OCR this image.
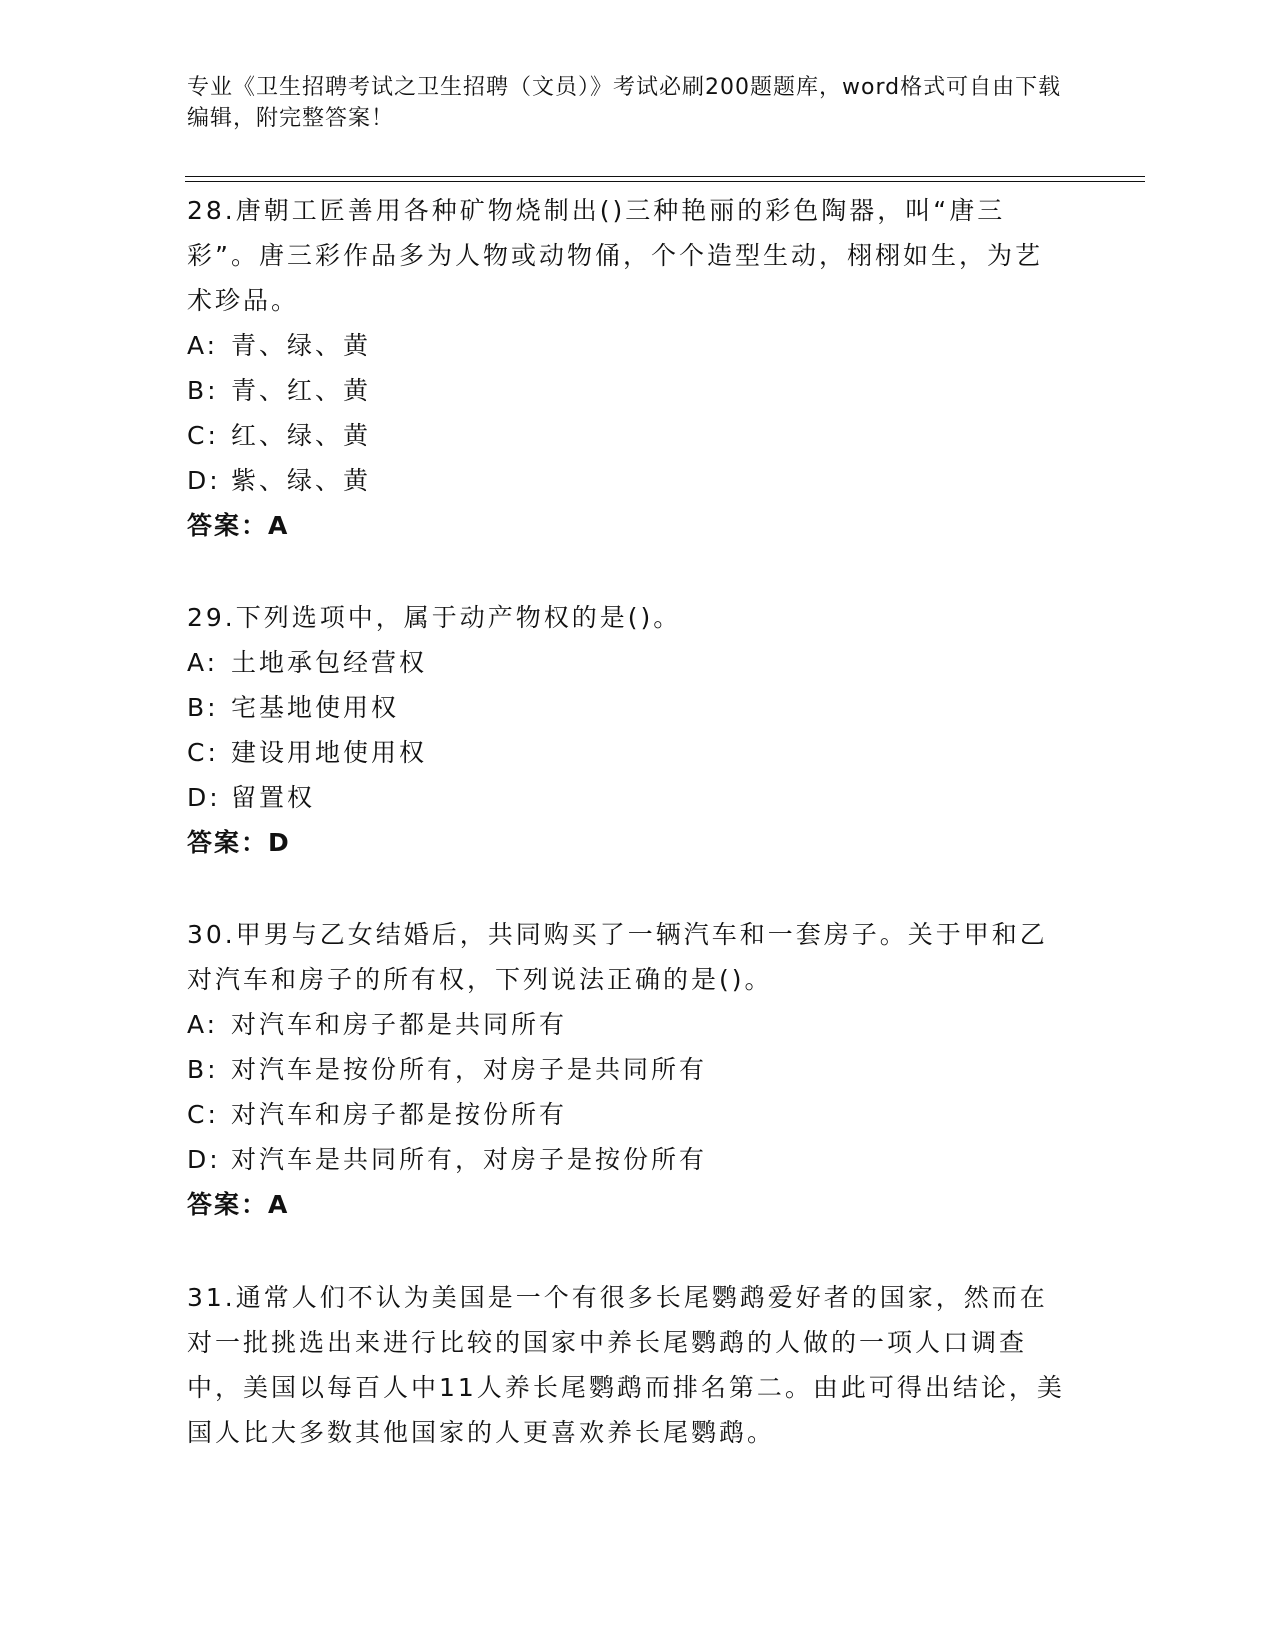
专业《卫生招聘考试之卫生招聘（文员）》考试必刷200题题库，word格式可自由下载编辑，附完整答案！
28.唐朝工匠善用各种矿物烧制出()三种艳丽的彩色陶器，叫“唐三彩”。唐三彩作品多为人物或动物俑，个个造型生动，栩栩如生，为艺术珍品。
A: 青、绿、黄
B: 青、红、黄
C: 红、绿、黄
D: 紫、绿、黄
答案：A
29.下列选项中，属于动产物权的是()。
A: 土地承包经营权
B: 宅基地使用权
C: 建设用地使用权
D: 留置权
答案：D
30.甲男与乙女结婚后，共同购买了一辆汽车和一套房子。关于甲和乙对汽车和房子的所有权，下列说法正确的是()。
A: 对汽车和房子都是共同所有
B: 对汽车是按份所有，对房子是共同所有
C: 对汽车和房子都是按份所有
D: 对汽车是共同所有，对房子是按份所有
答案：A
31.通常人们不认为美国是一个有很多长尾鹦鹉爱好者的国家，然而在对一批挑选出来进行比较的国家中养长尾鹦鹉的人做的一项人口调查中，美国以每百人中11人养长尾鹦鹉而排名第二。由此可得出结论，美国人比大多数其他国家的人更喜欢养长尾鹦鹉。
